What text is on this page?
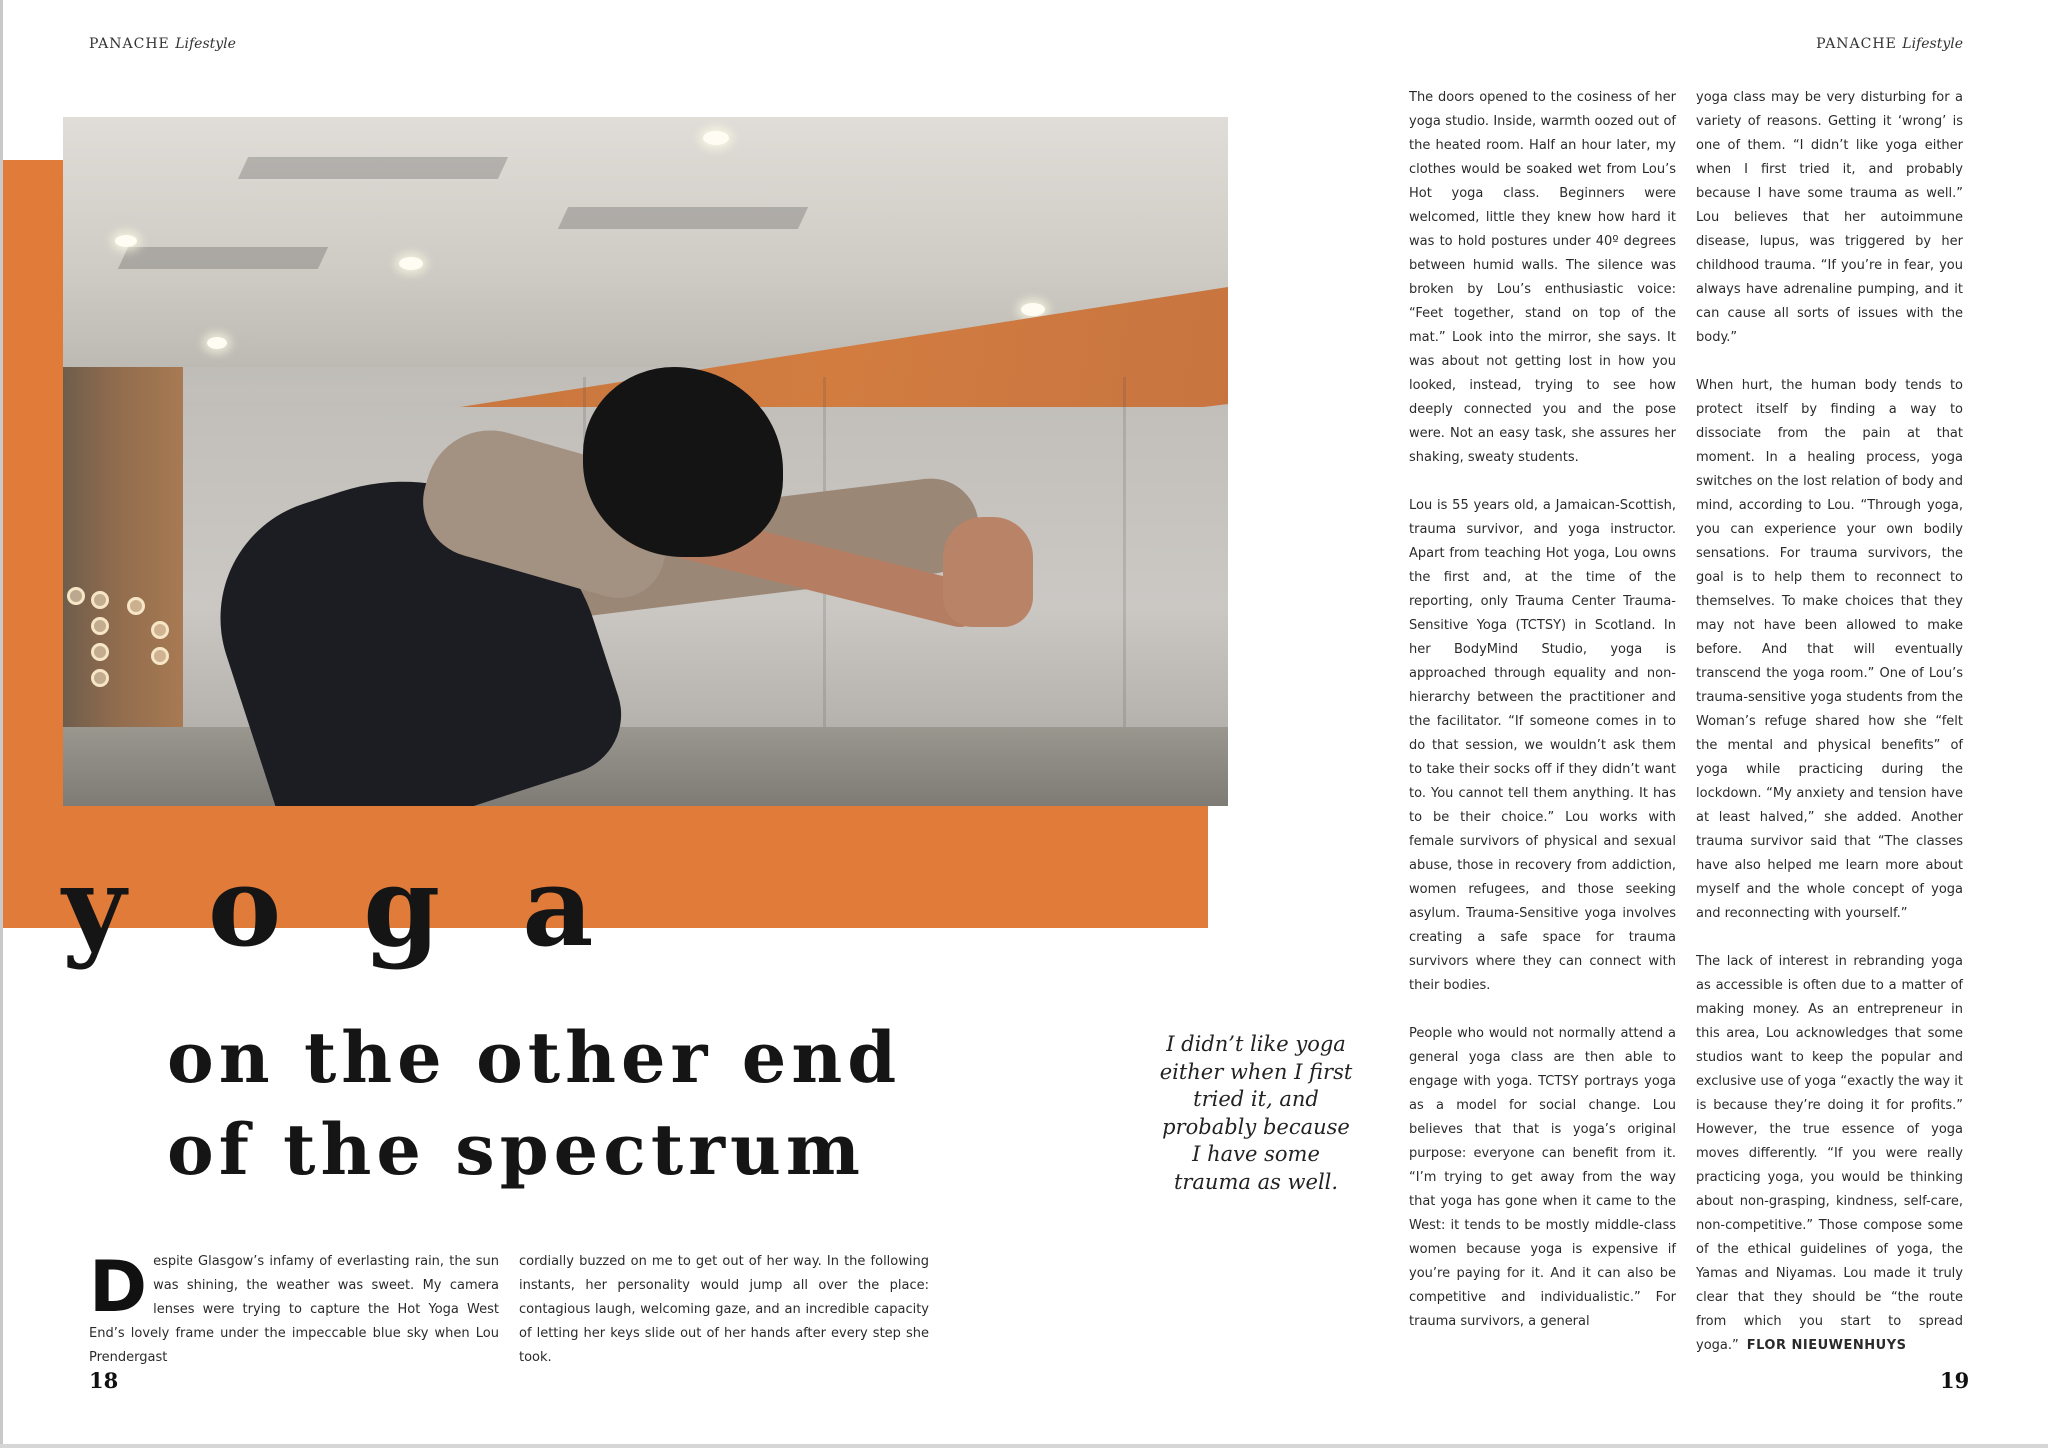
PANACHE Lifestyle	PANACHE Lifestyle
yoga
on the other end
of the spectrum

I didn’t like yoga either when I first tried it, and probably because I have some trauma as well.

Despite Glasgow’s infamy of everlasting rain, the sun was shining, the weather was sweet. My camera lenses were trying to capture the Hot Yoga West End’s lovely frame under the impeccable blue sky when Lou Prendergast
cordially buzzed on me to get out of her way. In the following instants, her personality would jump all over the place: contagious laugh, welcoming gaze, and an incredible capacity of letting her keys slide out of her hands after every step she took.

The doors opened to the cosiness of her yoga studio. Inside, warmth oozed out of the heated room. Half an hour later, my clothes would be soaked wet from Lou’s Hot yoga class. Beginners were welcomed, little they knew how hard it was to hold postures under 40º degrees between humid walls. The silence was broken by Lou’s enthusiastic voice: “Feet together, stand on top of the mat.” Look into the mirror, she says. It was about not getting lost in how you looked, instead, trying to see how deeply connected you and the pose were. Not an easy task, she assures her shaking, sweaty students.

Lou is 55 years old, a Jamaican-Scottish, trauma survivor, and yoga instructor. Apart from teaching Hot yoga, Lou owns the first and, at the time of the reporting, only Trauma Center Trauma-Sensitive Yoga (TCTSY) in Scotland. In her BodyMind Studio, yoga is approached through equality and non-hierarchy between the practitioner and the facilitator. “If someone comes in to do that session, we wouldn’t ask them to take their socks off if they didn’t want to. You cannot tell them anything. It has to be their choice.” Lou works with female survivors of physical and sexual abuse, those in recovery from addiction, women refugees, and those seeking asylum. Trauma-Sensitive yoga involves creating a safe space for trauma survivors where they can connect with their bodies.

People who would not normally attend a general yoga class are then able to engage with yoga. TCTSY portrays yoga as a model for social change. Lou believes that that is yoga’s original purpose: everyone can benefit from it. “I’m trying to get away from the way that yoga has gone when it came to the West: it tends to be mostly middle-class women because yoga is expensive if you’re paying for it. And it can also be competitive and individualistic.” For trauma survivors, a general

yoga class may be very disturbing for a variety of reasons. Getting it ‘wrong’ is one of them. “I didn’t like yoga either when I first tried it, and probably because I have some trauma as well.” Lou believes that her autoimmune disease, lupus, was triggered by her childhood trauma. “If you’re in fear, you always have adrenaline pumping, and it can cause all sorts of issues with the body.”

When hurt, the human body tends to protect itself by finding a way to dissociate from the pain at that moment. In a healing process, yoga switches on the lost relation of body and mind, according to Lou. “Through yoga, you can experience your own bodily sensations. For trauma survivors, the goal is to help them to reconnect to themselves. To make choices that they may not have been allowed to make before. And that will eventually transcend the yoga room.” One of Lou’s trauma-sensitive yoga students from the Woman’s refuge shared how she “felt the mental and physical benefits” of yoga while practicing during the lockdown. “My anxiety and tension have at least halved,” she added. Another trauma survivor said that “The classes have also helped me learn more about myself and the whole concept of yoga and reconnecting with yourself.”

The lack of interest in rebranding yoga as accessible is often due to a matter of making money. As an entrepreneur in this area, Lou acknowledges that some studios want to keep the popular and exclusive use of yoga “exactly the way it is because they’re doing it for profits.” However, the true essence of yoga moves differently. “If you were really practicing yoga, you would be thinking about non-grasping, kindness, self-care, non-competitive.” Those compose some of the ethical guidelines of yoga, the Yamas and Niyamas. Lou made it truly clear that they should be “the route from which you start to spread yoga.” FLOR NIEUWENHUYS

18	19
